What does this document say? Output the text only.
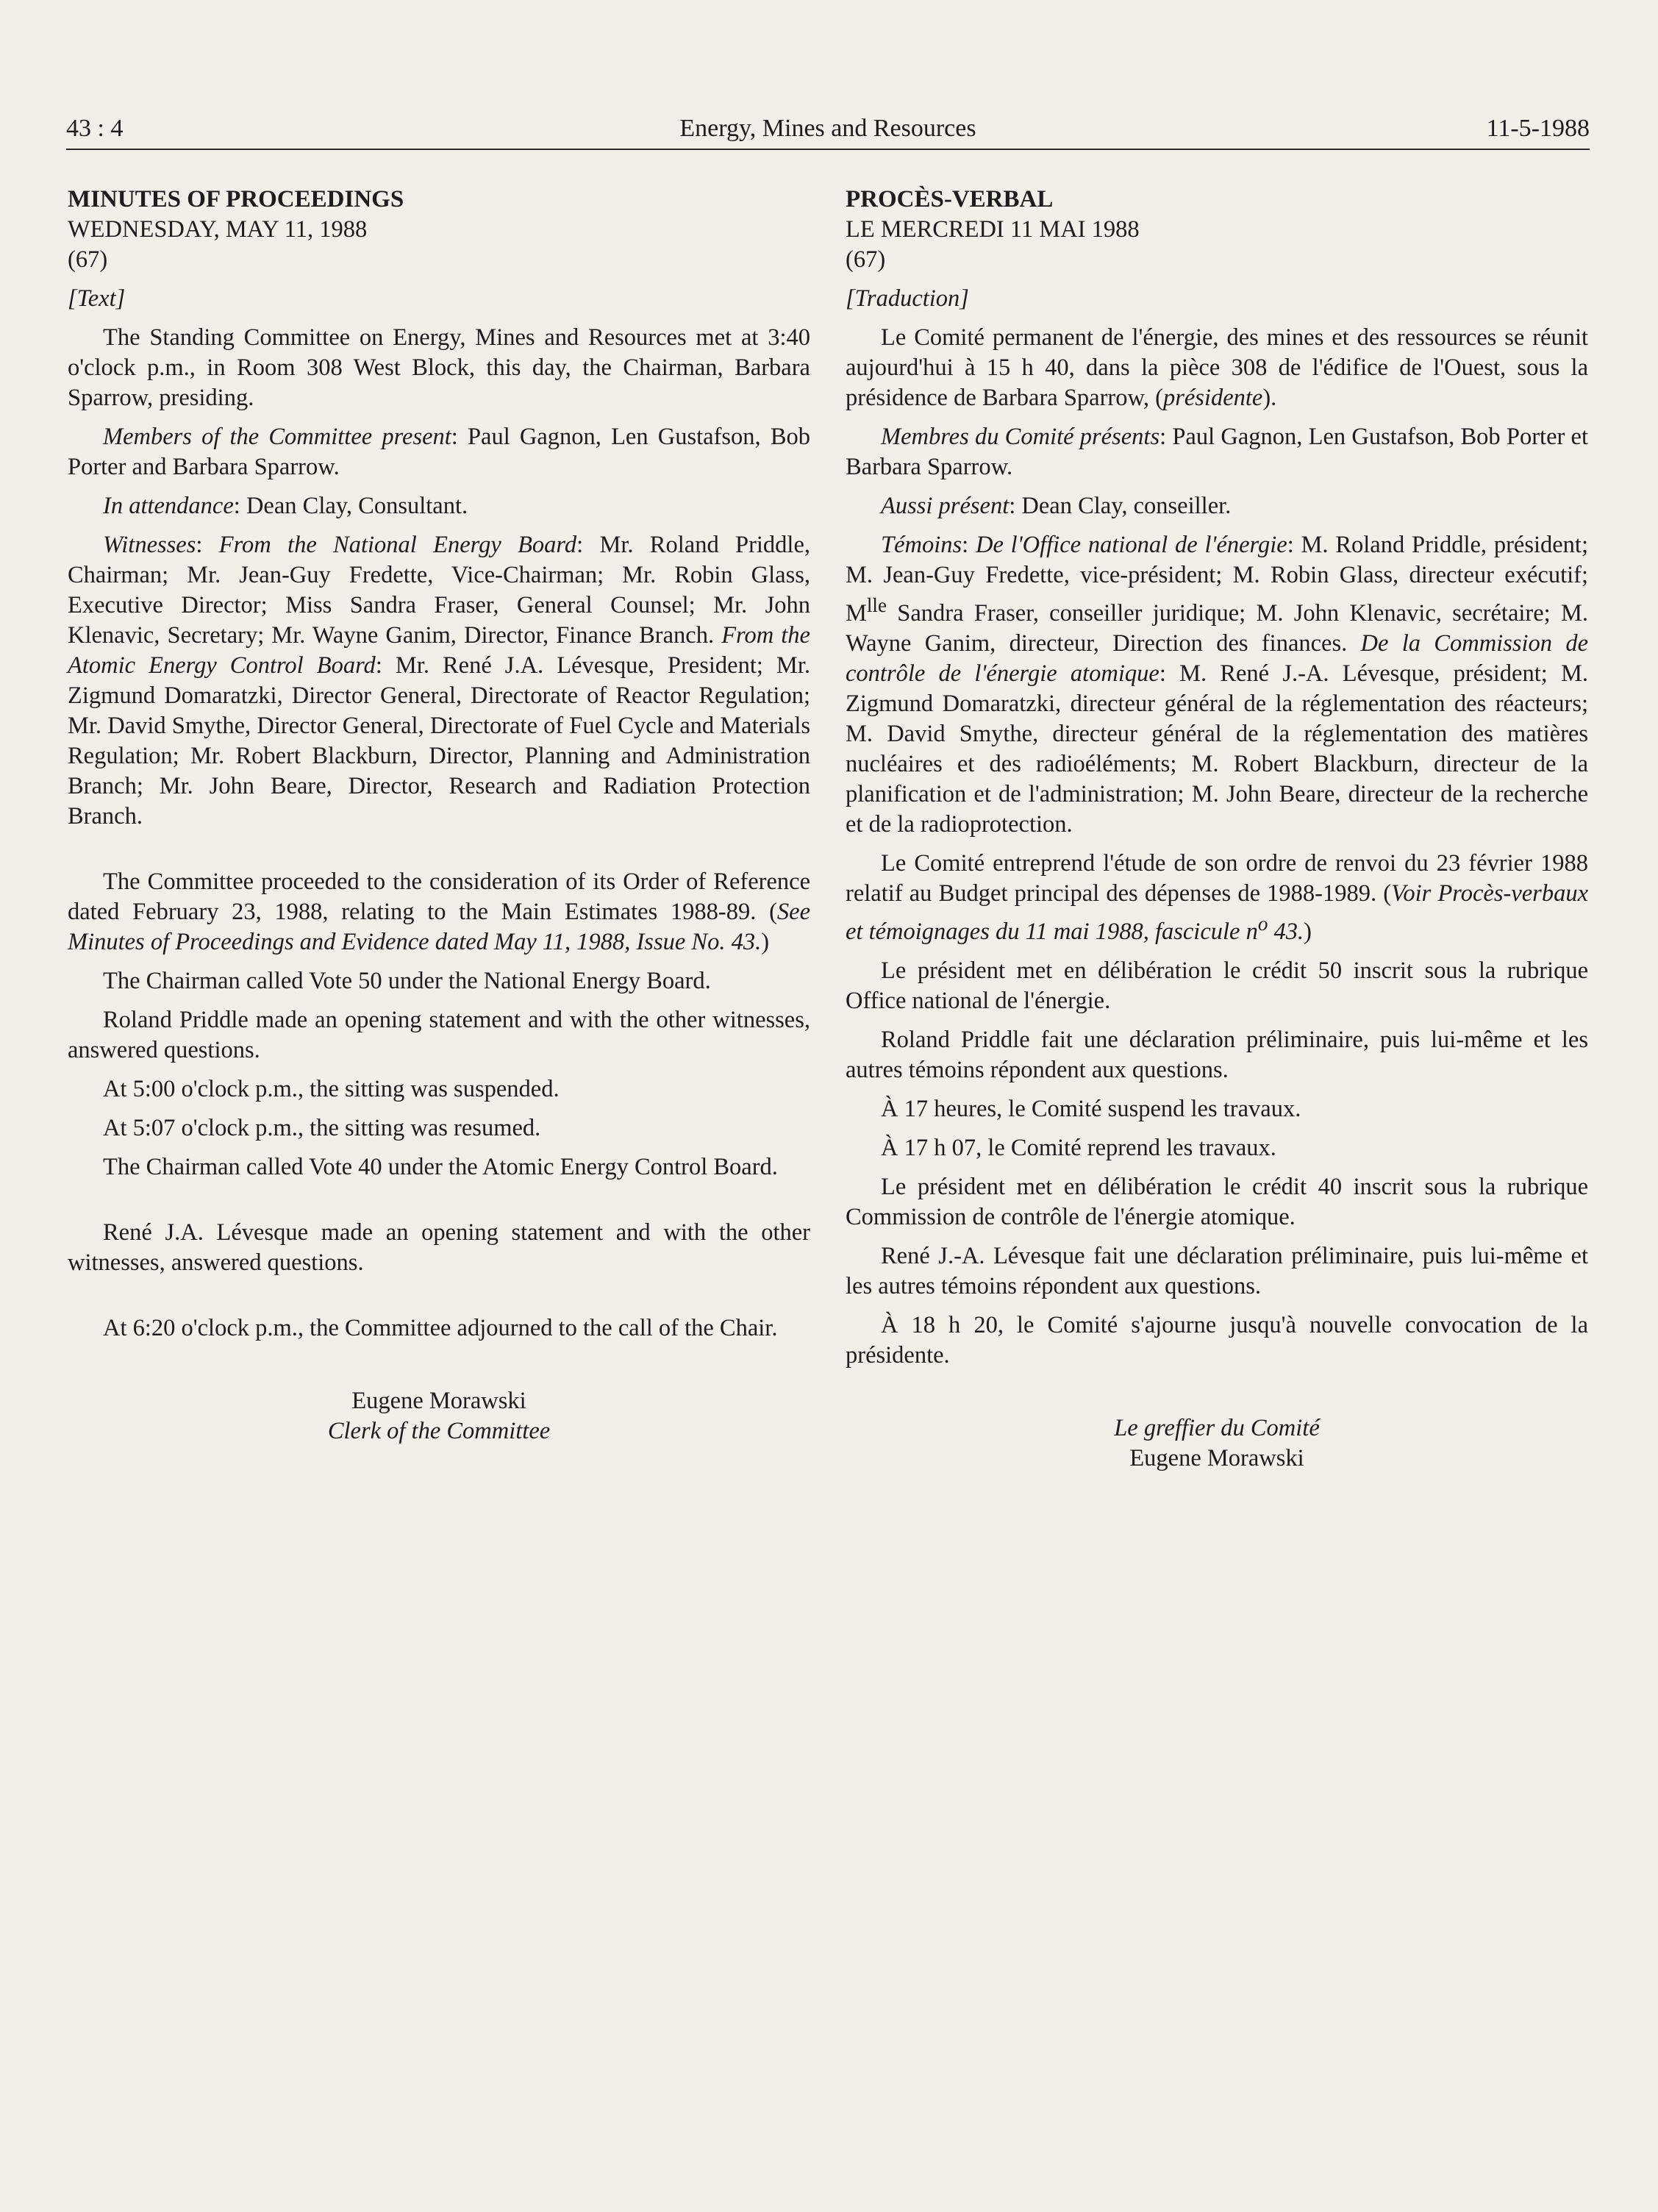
Energy, Mines and Resources
43 : 4	11-5-1988

MINUTES OF PROCEEDINGS

WEDNESDAY, MAY 11, 1988

(67)

[Text]

The Standing Committee on Energy, Mines and Resources met at 3:40 o'clock p.m., in Room 308 West Block, this day, the Chairman, Barbara Sparrow, presiding.

Members of the Committee present: Paul Gagnon, Len Gustafson, Bob Porter and Barbara Sparrow.

In attendance: Dean Clay, Consultant.

Witnesses: From the National Energy Board: Mr. Roland Priddle, Chairman; Mr. Jean-Guy Fredette, Vice-Chairman; Mr. Robin Glass, Executive Director; Miss Sandra Fraser, General Counsel; Mr. John Klenavic, Secretary; Mr. Wayne Ganim, Director, Finance Branch. From the Atomic Energy Control Board: Mr. René J.A. Lévesque, President; Mr. Zigmund Domaratzki, Director General, Directorate of Reactor Regulation; Mr. David Smythe, Director General, Directorate of Fuel Cycle and Materials Regulation; Mr. Robert Blackburn, Director, Planning and Administration Branch; Mr. John Beare, Director, Research and Radiation Protection Branch.

The Committee proceeded to the consideration of its Order of Reference dated February 23, 1988, relating to the Main Estimates 1988-89. (See Minutes of Proceedings and Evidence dated May 11, 1988, Issue No. 43.)

The Chairman called Vote 50 under the National Energy Board.

Roland Priddle made an opening statement and with the other witnesses, answered questions.

At 5:00 o'clock p.m., the sitting was suspended.

At 5:07 o'clock p.m., the sitting was resumed.

The Chairman called Vote 40 under the Atomic Energy Control Board.

René J.A. Lévesque made an opening statement and with the other witnesses, answered questions.

At 6:20 o'clock p.m., the Committee adjourned to the call of the Chair.

Eugene Morawski

Clerk of the Committee

PROCÈS-VERBAL

LE MERCREDI 11 MAI 1988

(67)

[Traduction]

Le Comité permanent de l'énergie, des mines et des ressources se réunit aujourd'hui à 15 h 40, dans la pièce 308 de l'édifice de l'Ouest, sous la présidence de Barbara Sparrow, (présidente).

Membres du Comité présents: Paul Gagnon, Len Gustafson, Bob Porter et Barbara Sparrow.

Aussi présent: Dean Clay, conseiller.

Témoins: De l'Office national de l'énergie: M. Roland Priddle, président; M. Jean-Guy Fredette, vice-président; M. Robin Glass, directeur exécutif; $M^{lle}$ Sandra Fraser, conseiller juridique; M. John Klenavic, secrétaire; M. Wayne Ganim, directeur, Direction des finances. De la Commission de contrôle de l'énergie atomique: M. René J.-A. Lévesque, président; M. Zigmund Domaratzki, directeur général de la réglementation des réacteurs; M. David Smythe, directeur général de la réglementation des matières nucléaires et des radioéléments; M. Robert Blackburn, directeur de la planification et de l'administration; M. John Beare, directeur de la recherche et de la radioprotection.

Le Comité entreprend l'étude de son ordre de renvoi du 23 février 1988 relatif au Budget principal des dépenses de 1988-1989. (Voir Procès-verbaux et témoignages du 11 mai 1988, fascicule $n^o$ 43.)

Le président met en délibération le crédit 50 inscrit sous la rubrique Office national de l'énergie.

Roland Priddle fait une déclaration préliminaire, puis lui-même et les autres témoins répondent aux questions.

À 17 heures, le Comité suspend les travaux.

À 17 h 07, le Comité reprend les travaux.

Le président met en délibération le crédit 40 inscrit sous la rubrique Commission de contrôle de l'énergie atomique.

René J.-A. Lévesque fait une déclaration préliminaire, puis lui-même et les autres témoins répondent aux questions.

À 18 h 20, le Comité s'ajourne jusqu'à nouvelle convocation de la présidente.

Le greffier du Comité

Eugene Morawski
